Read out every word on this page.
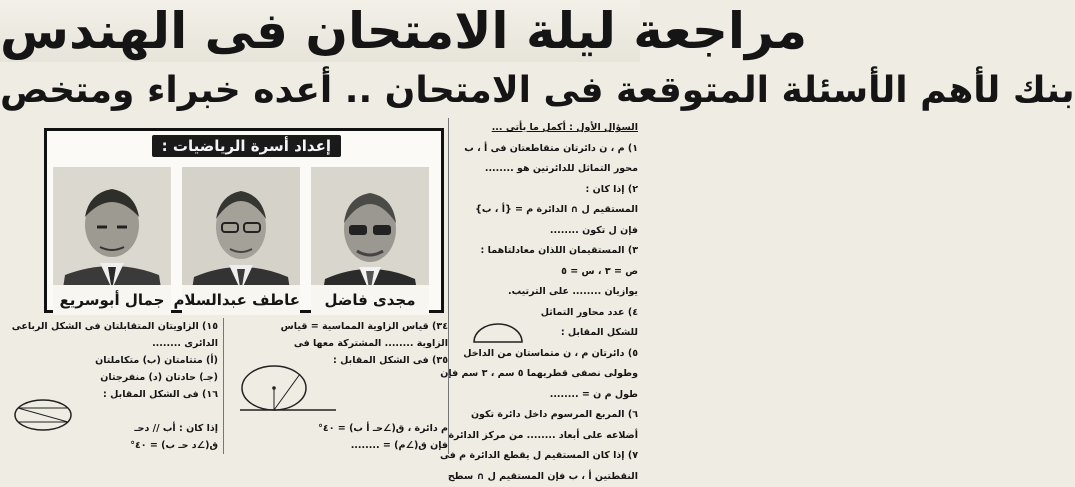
مراجعة ليلة الامتحان فى الهندس
بنك لأهم الأسئلة المتوقعة فى الامتحان .. أعده خبراء ومتخص
إعداد أسرة الرياضيات :
مجدى فاضل
عاطف عبدالسلام
جمال أبوسريع
السؤال الأول : أكمل ما يأتى ...
١) م ، ن دائرتان متقاطعتان فى أ ، ب
محور التماثل للدائرتين هو ........
٢) إذا كان :
المستقيم ل ∩ الدائرة م = {أ ، ب}
فإن ل تكون ........
٣) المستقيمان اللذان معادلتاهما :
ص = ٣ ، س = ٥
يوازيان ........ على الترتيب.
٤) عدد محاور التماثل
للشكل المقابل :
٥) دائرتان م ، ن متماستان من الداخل
وطولى نصفى قطريهما ٥ سم ، ٣ سم فإن
طول م ن = ........
٦) المربع المرسوم داخل دائرة تكون
أضلاعه على أبعاد ........ من مركز الدائرة
٧) إذا كان المستقيم ل يقطع الدائرة م فى
النقطتين أ ، ب فإن المستقيم ل ∩ سطح
٣٤) قياس الزاوية المماسية = قياس
الزاوية ........ المشتركة معها فى
٣٥) فى الشكل المقابل :
م دائرة ، ق(∠حـ أ ب) = ٤٠°
فإن ق(∠م) = ........
١٥) الزاويتان المتقابلتان فى الشكل الرباعى
الدائرى ........
(أ) متتامتان (ب) متكاملتان
(جـ) حادتان (د) منفرجتان
١٦) فى الشكل المقابل :
إذا كان : أب // دحـ
ق(∠د حـ ب) = ٤٠°
